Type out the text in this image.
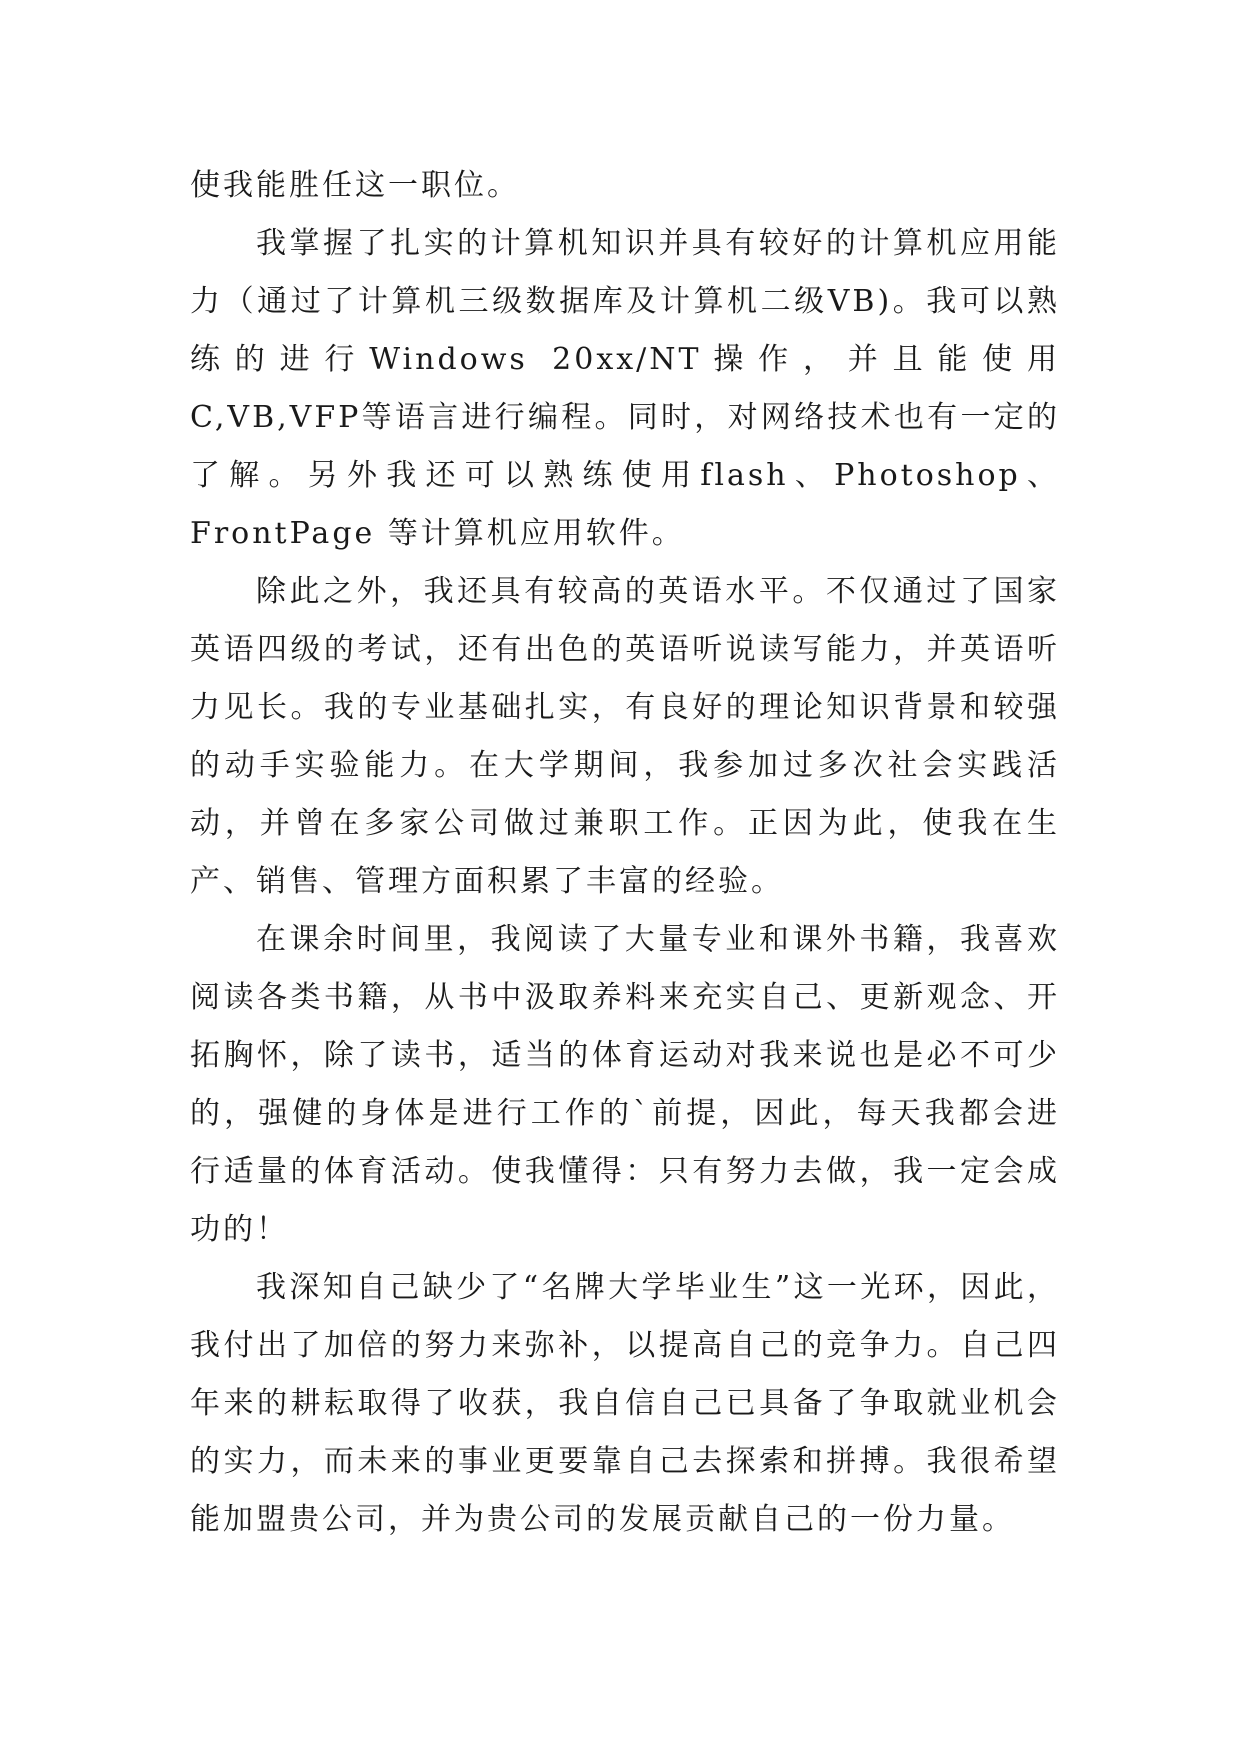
使我能胜任这一职位。

我掌握了扎实的计算机知识并具有较好的计算机应用能力（通过了计算机三级数据库及计算机二级VB)。我可以熟练的进行Windows 20xx/NT操作，并且能使用C,VB,VFP等语言进行编程。同时，对网络技术也有一定的了解。另外我还可以熟练使用flash、Photoshop、FrontPage 等计算机应用软件。

除此之外，我还具有较高的英语水平。不仅通过了国家英语四级的考试，还有出色的英语听说读写能力，并英语听力见长。我的专业基础扎实，有良好的理论知识背景和较强的动手实验能力。在大学期间，我参加过多次社会实践活动，并曾在多家公司做过兼职工作。正因为此，使我在生产、销售、管理方面积累了丰富的经验。

在课余时间里，我阅读了大量专业和课外书籍，我喜欢阅读各类书籍，从书中汲取养料来充实自己、更新观念、开拓胸怀，除了读书，适当的体育运动对我来说也是必不可少的，强健的身体是进行工作的`前提，因此，每天我都会进行适量的体育活动。使我懂得：只有努力去做，我一定会成功的！

我深知自己缺少了“名牌大学毕业生”这一光环，因此，我付出了加倍的努力来弥补，以提高自己的竞争力。自己四年来的耕耘取得了收获，我自信自己已具备了争取就业机会的实力，而未来的事业更要靠自己去探索和拼搏。我很希望能加盟贵公司，并为贵公司的发展贡献自己的一份力量。
